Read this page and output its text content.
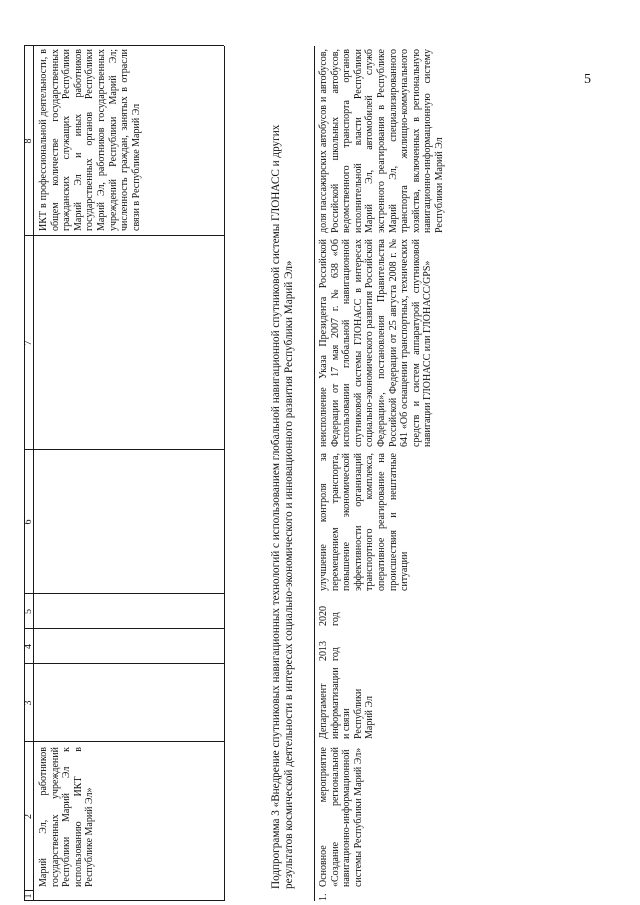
5
1
2
3
4
5
6
7
8
Марий Эл, работников государственных учреждений Республики Марий Эл к использованию ИКТ в Республике Марий Эл»
ИКТ в профессиональной деятельности, в общем количестве государственных гражданских служащих Республики Марий Эл и иных работников государственных органов Республики Марий Эл, работников государственных учреждений Республики Марий Эл; численность граждан, занятых в отрасли связи в Республике Марий Эл	Подпрограмма 3 «Внедрение спутниковых навигационных технологий с использованием глобальной навигационной спутниковой системы ГЛОНАСС и других результатов космической деятельности в интересах социально-экономического и инновационного развития Республики Марий Эл»
1.
Основное мероприятие «Создание региональной навигационно-информационной системы Республики Марий Эл»
Департамент информатизации и связи Республики Марий Эл
2013 год
2020 год
улучшение контроля за перемещением транспорта, повышение экономической эффективности организаций транспортного комплекса, оперативное реагирование на происшествия и нештатные ситуации
неисполнение Указа Президента Российской Федерации от 17 мая 2007 г. № 638 «Об использовании глобальной навигационной спутниковой системы ГЛОНАСС в интересах социально-экономического развития Российской Федерации», постановления Правительства Российской Федерации от 25 августа 2008 г. № 641 «Об оснащении транспортных, технических средств и систем аппаратурой спутниковой навигации ГЛОНАСС или ГЛОНАСС/GPS»
доля пассажирских автобусов и автобусов, Российской школьных автобусов, ведомственного транспорта органов исполнительной власти Республики Марий Эл, автомобилей служб экстренного реагирования в Республике Марий Эл, специализированного транспорта жилищно-коммунального хозяйства, включенных в региональную навигационно-информационную систему Республики Марий Эл
